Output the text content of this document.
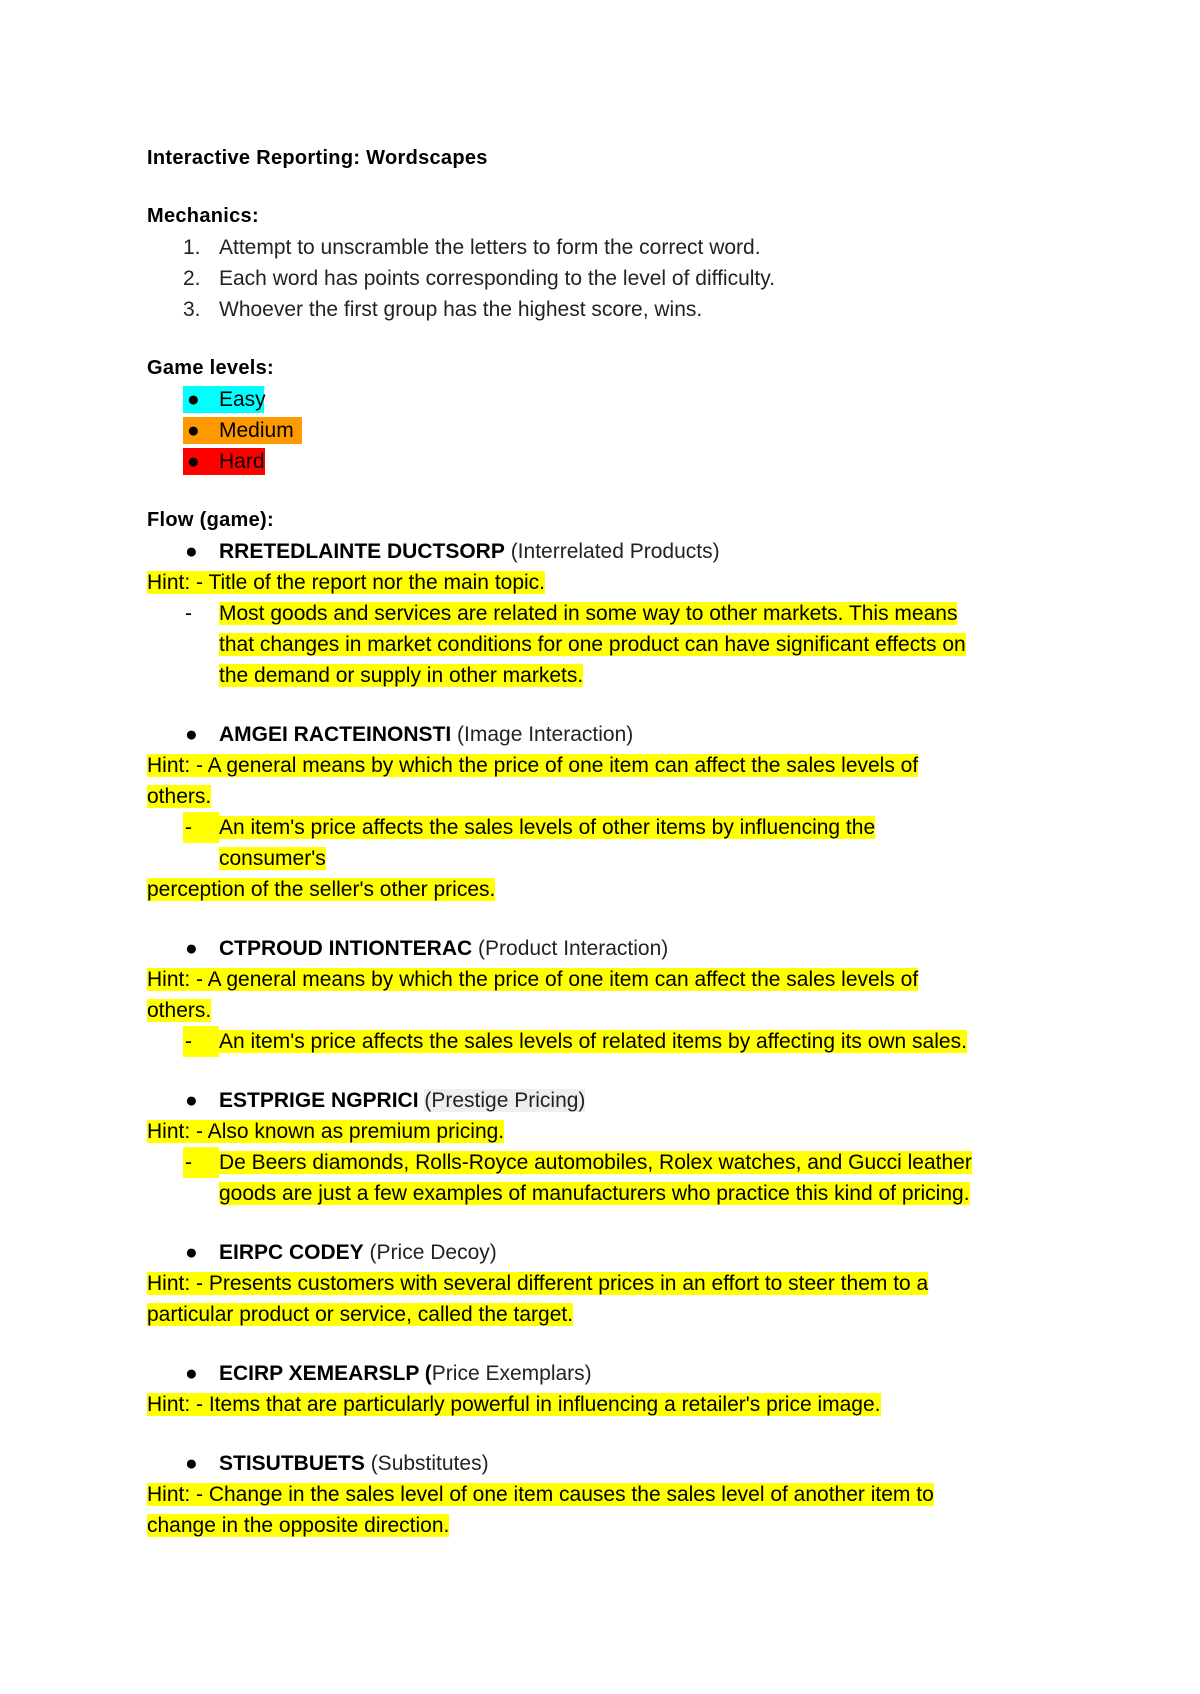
Interactive Reporting: Wordscapes
Mechanics:
1. Attempt to unscramble the letters to form the correct word.
2. Each word has points corresponding to the level of difficulty.
3. Whoever the first group has the highest score, wins.
Game levels:
● Easy
● Medium
● Hard
Flow (game):
● RRETEDLAINTE DUCTSORP (Interrelated Products)
Hint: - Title of the report nor the main topic.
- Most goods and services are related in some way to other markets. This means
that changes in market conditions for one product can have significant effects on
the demand or supply in other markets.
● AMGEI RACTEINONSTI (Image Interaction)
Hint: - A general means by which the price of one item can affect the sales levels of
others.
- An item's price affects the sales levels of other items by influencing the
consumer's
perception of the seller's other prices.
● CTPROUD INTIONTERAC (Product Interaction)
Hint: - A general means by which the price of one item can affect the sales levels of
others.
- An item's price affects the sales levels of related items by affecting its own sales.
● ESTPRIGE NGPRICI (Prestige Pricing)
Hint: - Also known as premium pricing.
- De Beers diamonds, Rolls-Royce automobiles, Rolex watches, and Gucci leather
goods are just a few examples of manufacturers who practice this kind of pricing.
● EIRPC CODEY (Price Decoy)
Hint: - Presents customers with several different prices in an effort to steer them to a
particular product or service, called the target.
● ECIRP XEMEARSLP (Price Exemplars)
Hint: - Items that are particularly powerful in influencing a retailer's price image.
● STISUTBUETS (Substitutes)
Hint: - Change in the sales level of one item causes the sales level of another item to
change in the opposite direction.
